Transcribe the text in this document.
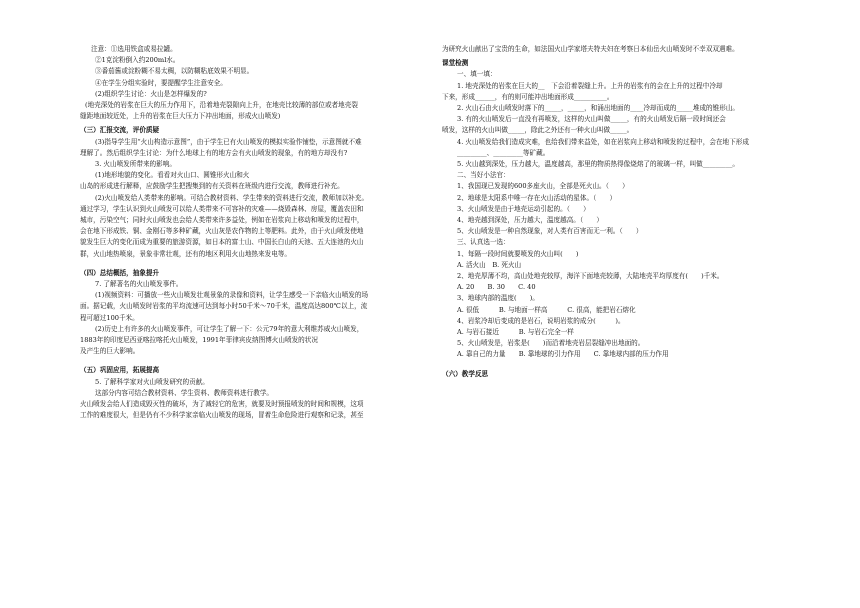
注意：①选用铁盒或易拉罐。

②1克淀粉倒入约200ml水。

③番茄酱或淀粉糊不易太稠，以防糊粘底效果不明显。

④在学生分组实验时，要提醒学生注意安全。

(2)组织学生讨论：火山是怎样爆发的?

(地壳深处的岩浆在巨大的压力作用下，沿着地壳裂隙向上升，在地壳比较薄的部位或者地壳裂

缝距地面较近处，上升的岩浆在巨大压力下冲出地面，形成火山喷发)

（三）汇报交流，评价质疑

(3)指导学生用“火山构造示意图”，由于学生已有火山喷发的模拟实验作铺垫，示意图就不难

理解了。然后组织学生讨论：为什么地球上有的地方会有火山喷发的现象，有的地方却没有?

3. 火山喷发所带来的影响。

(1)地形地貌的变化。看看对火山口、圆锥形火山和火

山岛的形成进行解释，应鼓励学生把搜集到的有关资料在班级内进行交流，教师进行补充。

(2)火山喷发给人类带来的影响。可结合教材资料、学生带来的资料进行交流，教师加以补充。

通过学习，学生认识到火山喷发可以给人类带来不可容补的灾难——烧毁森林、房屋，覆盖农田和

城市，污染空气；同时火山喷发也会给人类带来许多益处，例如在岩浆向上移动和喷发的过程中，

会在地下形成铁、铜、金刚石等多种矿藏，火山灰是农作物的上等肥料。此外，由于火山喷发使地

貌发生巨大的变化而成为重要的旅游资源，如日本的富士山、中国长白山的天池、五大连池的火山

群，火山地热喷泉，景象非常壮观，还有的地区利用火山地热来发电等。

（四）总结概括，抽象提升

7. 了解著名的火山喷发事件。

(1)视频资料：可播放一些火山喷发壮观景象的录像和资料，让学生感受一下亲临火山喷发的场

面。据记载，火山喷发时岩浆的平均流速可达到每小时50千米～70千米，温度高达800℃以上，流

程可超过100千米。

(2)历史上有许多的火山喷发事件，可让学生了解一下：公元79年的意大利维苏威火山喷发，

1883年的印度尼西亚喀拉喀托火山喷发，1991年菲律宾皮纳图博火山喷发的状况

及产生的巨大影响。

（五）巩固应用，拓展提高

5. 了解科学家对火山喷发研究的贡献。

这部分内容可结合教材资料、学生资料、教师资料进行教学。

火山喷发会给人们造成毁灭性的破坏，为了减轻它的危害，就要及时预报喷发的时间和规模，这项

工作的难度很大，但是仍有不少科学家亲临火山喷发的现场，冒着生命危险进行观察和记录，甚至

为研究火山献出了宝贵的生命，如法国火山学家塔夫特夫妇在考察日本仙岳火山喷发时不幸双双遇难。

课堂检测

一、填一填：

1. 地壳深处的岩浆在巨大的__　下会沿着裂缝上升。上升的岩浆有的会在上升的过程中冷却

下来，形成______，有的则可能冲出地面形成__________。

2. 火山石由火山喷发时落下的_____，_____，和涌出地面的____冷却而成的_____堆成的锥形山。

3. 有的火山喷发后一直没有再喷发，这样的火山叫做_____，有的火山喷发后隔一段时间还会

喷发，这样的火山叫做_____，除此之外还有一种火山叫做_____。

4. 火山喷发给我们造成灾难，也给我们带来益处，如在岩浆向上移动和喷发的过程中，会在地下形成_________、_________等矿藏。

5. 火山越到深处，压力越大，温度越高，那里的物质热得像烧熔了的玻璃一样，叫做_________。

二、当好小法官：

1、我国现已发现的600多座火山，全部是死火山。（　　）

2、地球是太阳系中唯一存在火山活动的星体。（　　）

3、火山喷发是由于地壳运动引起的。（　　）

4、地壳越到深处，压力越大，温度越高。（　　）

5、火山喷发是一种自然现象，对人类有百害而无一利。（　　）

三、认真选一选：

1、每隔一段时间就要喷发的火山叫(　　)

A. 活火山　B. 死火山

2、地壳厚薄不均，高山处地壳较厚，海洋下面地壳较薄，大陆地壳平均厚度有(　　)千米。

A. 20　　B. 30　　C. 40

3、地球内部的温度(　　)。

A. 很低　　　B. 与地面一样高　　　C. 很高，能把岩石熔化

4、岩浆冷却后变成的是岩石，说明岩浆的成分(　　　)。

A. 与岩石接近　　　B. 与岩石完全一样

5、火山喷发是，岩浆是(　　)而沿着地壳岩层裂缝冲出地面的。

A. 靠自己的力量　　B. 靠地球的引力作用　　C. 靠地球内部的压力作用

（六）教学反思
